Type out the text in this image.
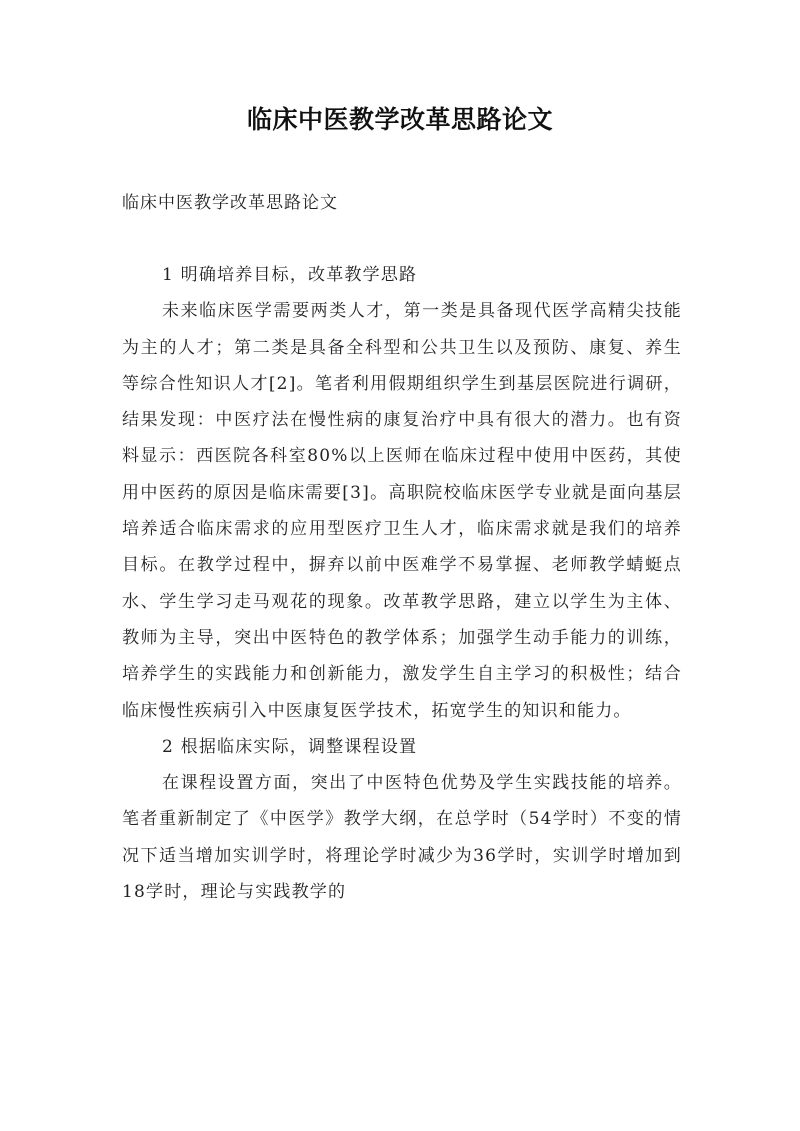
临床中医教学改革思路论文
临床中医教学改革思路论文

1 明确培养目标，改革教学思路

未来临床医学需要两类人才，第一类是具备现代医学高精尖技能为主的人才；第二类是具备全科型和公共卫生以及预防、康复、养生等综合性知识人才[2]。笔者利用假期组织学生到基层医院进行调研，结果发现：中医疗法在慢性病的康复治疗中具有很大的潜力。也有资料显示：西医院各科室80%以上医师在临床过程中使用中医药，其使用中医药的原因是临床需要[3]。高职院校临床医学专业就是面向基层培养适合临床需求的应用型医疗卫生人才，临床需求就是我们的培养目标。在教学过程中，摒弃以前中医难学不易掌握、老师教学蜻蜓点水、学生学习走马观花的现象。改革教学思路，建立以学生为主体、教师为主导，突出中医特色的教学体系；加强学生动手能力的训练，培养学生的实践能力和创新能力，激发学生自主学习的积极性；结合临床慢性疾病引入中医康复医学技术，拓宽学生的知识和能力。

2 根据临床实际，调整课程设置

在课程设置方面，突出了中医特色优势及学生实践技能的培养。笔者重新制定了《中医学》教学大纲，在总学时（54学时）不变的情况下适当增加实训学时，将理论学时减少为36学时，实训学时增加到18学时，理论与实践教学的
